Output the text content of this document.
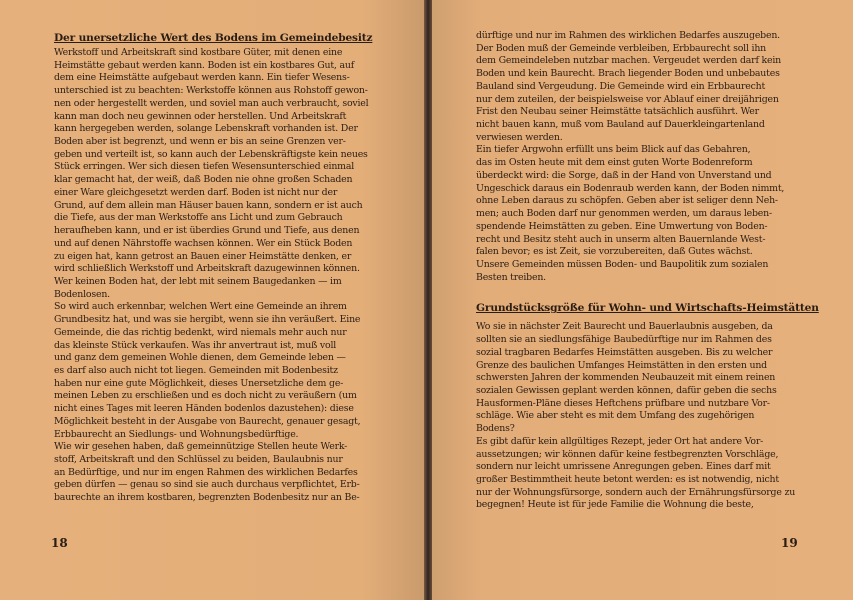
Der unersetzliche Wert des Bodens im Gemeindebesitz
Werkstoff und Arbeitskraft sind kostbare Güter, mit denen eine
Heimstätte gebaut werden kann. Boden ist ein kostbares Gut, auf
dem eine Heimstätte aufgebaut werden kann. Ein tiefer Wesens-
unterschied ist zu beachten: Werkstoffe können aus Rohstoff gewon-
nen oder hergestellt werden, und soviel man auch verbraucht, soviel
kann man doch neu gewinnen oder herstellen. Und Arbeitskraft
kann hergegeben werden, solange Lebenskraft vorhanden ist. Der
Boden aber ist begrenzt, und wenn er bis an seine Grenzen ver-
geben und verteilt ist, so kann auch der Lebenskräftigste kein neues
Stück erringen. Wer sich diesen tiefen Wesensunterschied einmal
klar gemacht hat, der weiß, daß Boden nie ohne großen Schaden
einer Ware gleichgesetzt werden darf. Boden ist nicht nur der
Grund, auf dem allein man Häuser bauen kann, sondern er ist auch
die Tiefe, aus der man Werkstoffe ans Licht und zum Gebrauch
heraufheben kann, und er ist überdies Grund und Tiefe, aus denen
und auf denen Nährstoffe wachsen können. Wer ein Stück Boden
zu eigen hat, kann getrost an Bauen einer Heimstätte denken, er
wird schließlich Werkstoff und Arbeitskraft dazugewinnen können.
Wer keinen Boden hat, der lebt mit seinem Baugedanken — im
Bodenlosen.
So wird auch erkennbar, welchen Wert eine Gemeinde an ihrem
Grundbesitz hat, und was sie hergibt, wenn sie ihn veräußert. Eine
Gemeinde, die das richtig bedenkt, wird niemals mehr auch nur
das kleinste Stück verkaufen. Was ihr anvertraut ist, muß voll
und ganz dem gemeinen Wohle dienen, dem Gemeinde leben —
es darf also auch nicht tot liegen. Gemeinden mit Bodenbesitz
haben nur eine gute Möglichkeit, dieses Unersetzliche dem ge-
meinen Leben zu erschließen und es doch nicht zu veräußern (um
nicht eines Tages mit leeren Händen bodenlos dazustehen): diese
Möglichkeit besteht in der Ausgabe von Baurecht, genauer gesagt,
Erbbaurecht an Siedlungs- und Wohnungsbedürftige.
Wie wir gesehen haben, daß gemeinnützige Stellen heute Werk-
stoff, Arbeitskraft und den Schlüssel zu beiden, Baulaubnis nur
an Bedürftige, und nur im engen Rahmen des wirklichen Bedarfes
geben dürfen — genau so sind sie auch durchaus verpflichtet, Erb-
baurechte an ihrem kostbaren, begrenzten Bodenbesitz nur an Be-
18
dürftige und nur im Rahmen des wirklichen Bedarfes auszugeben.
Der Boden muß der Gemeinde verbleiben, Erbbaurecht soll ihn
dem Gemeindeleben nutzbar machen. Vergeudet werden darf kein
Boden und kein Baurecht. Brach liegender Boden und unbebautes
Bauland sind Vergeudung. Die Gemeinde wird ein Erbbaurecht
nur dem zuteilen, der beispielsweise vor Ablauf einer dreijährigen
Frist den Neubau seiner Heimstätte tatsächlich ausführt. Wer
nicht bauen kann, muß vom Bauland auf Dauerkleingartenland
verwiesen werden.
Ein tiefer Argwohn erfüllt uns beim Blick auf das Gebahren,
das im Osten heute mit dem einst guten Worte Bodenreform
überdeckt wird: die Sorge, daß in der Hand von Unverstand und
Ungeschick daraus ein Bodenraub werden kann, der Boden nimmt,
ohne Leben daraus zu schöpfen. Geben aber ist seliger denn Neh-
men; auch Boden darf nur genommen werden, um daraus leben-
spendende Heimstätten zu geben. Eine Umwertung von Boden-
recht und Besitz steht auch in unserm alten Bauernlande West-
falen bevor; es ist Zeit, sie vorzubereiten, daß Gutes wächst.
Unsere Gemeinden müssen Boden- und Baupolitik zum sozialen
Besten treiben.
Grundstücksgröße für Wohn- und Wirtschafts-Heimstätten
Wo sie in nächster Zeit Baurecht und Bauerlaubnis ausgeben, da
sollten sie an siedlungsfähige Baubedürftige nur im Rahmen des
sozial tragbaren Bedarfes Heimstätten ausgeben. Bis zu welcher
Grenze des baulichen Umfanges Heimstätten in den ersten und
schwersten Jahren der kommenden Neubauzeit mit einem reinen
sozialen Gewissen geplant werden können, dafür geben die sechs
Hausformen-Pläne dieses Heftchens prüfbare und nutzbare Vor-
schläge. Wie aber steht es mit dem Umfang des zugehörigen
Bodens?
Es gibt dafür kein allgültiges Rezept, jeder Ort hat andere Vor-
aussetzungen; wir können dafür keine festbegrenzten Vorschläge,
sondern nur leicht umrissene Anregungen geben. Eines darf mit
großer Bestimmtheit heute betont werden: es ist notwendig, nicht
nur der Wohnungsfürsorge, sondern auch der Ernährungsfürsorge zu
begegnen! Heute ist für jede Familie die Wohnung die beste,
19
